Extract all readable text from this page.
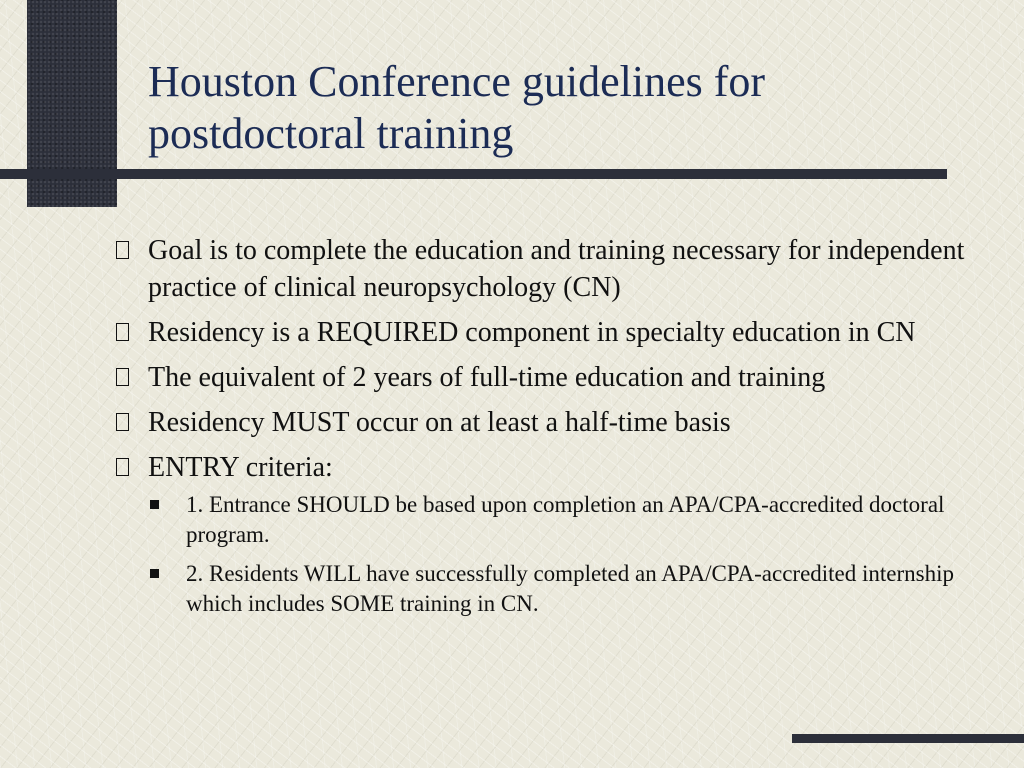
Houston Conference guidelines for postdoctoral training
Goal is to complete the education and training necessary for independent practice of clinical neuropsychology (CN)
Residency is a REQUIRED component in specialty education in CN
The equivalent of 2 years of full-time education and training
Residency MUST occur on at least a half-time basis
ENTRY criteria:
1. Entrance SHOULD be based upon completion an APA/CPA-accredited doctoral program.
2. Residents WILL have successfully completed an APA/CPA-accredited internship which includes SOME training in CN.
